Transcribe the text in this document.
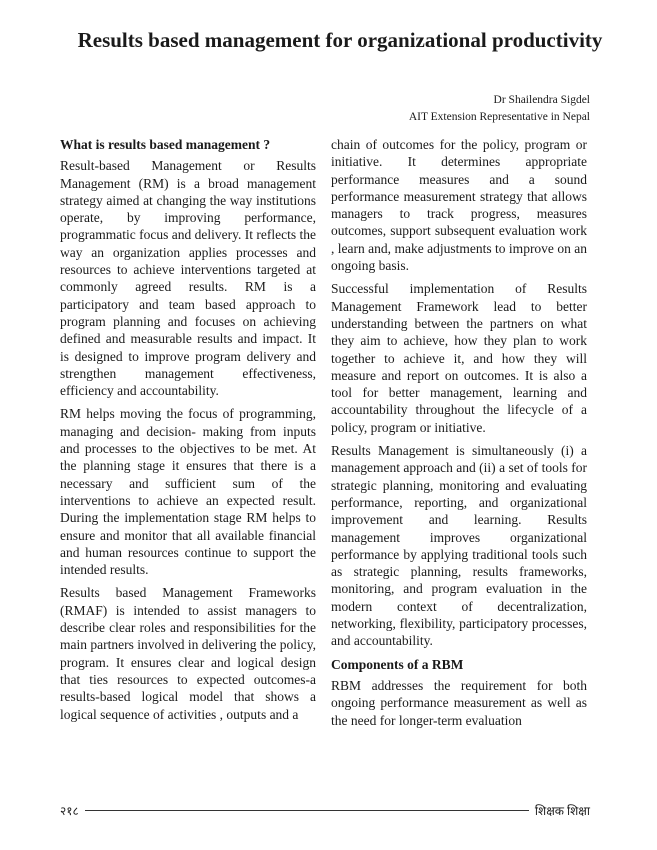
Results based management for organizational productivity
Dr Shailendra Sigdel
AIT Extension Representative in Nepal
What is results based management ?

Result-based Management or Results Management (RM) is a broad management strategy aimed at changing the way institutions operate, by improving performance, programmatic focus and delivery. It reflects the way an organization applies processes and resources to achieve interventions targeted at commonly agreed results. RM is a participatory and team based approach to program planning and focuses on achieving defined and measurable results and impact. It is designed to improve program delivery and strengthen management effectiveness, efficiency and accountability.

RM helps moving the focus of programming, managing and decision- making from inputs and processes to the objectives to be met. At the planning stage it ensures that there is a necessary and sufficient sum of the interventions to achieve an expected result. During the implementation stage RM helps to ensure and monitor that all available financial and human resources continue to support the intended results.

Results based Management Frameworks (RMAF) is intended to assist managers to describe clear roles and responsibilities for the main partners involved in delivering the policy, program. It ensures clear and logical design that ties resources to expected outcomes-a results-based logical model that shows a logical sequence of activities , outputs and a

chain of outcomes for the policy, program or initiative. It determines appropriate performance measures and a sound performance measurement strategy that allows managers to track progress, measures outcomes, support subsequent evaluation work , learn and, make adjustments to improve on an ongoing basis.

Successful implementation of Results Management Framework lead to better understanding between the partners on what they aim to achieve, how they plan to work together to achieve it, and how they will measure and report on outcomes. It is also a tool for better management, learning and accountability throughout the lifecycle of a policy, program or initiative.

Results Management is simultaneously (i) a management approach and (ii) a set of tools for strategic planning, monitoring and evaluating performance, reporting, and organizational improvement and learning. Results management improves organizational performance by applying traditional tools such as strategic planning, results frameworks, monitoring, and program evaluation in the modern context of decentralization, networking, flexibility, participatory processes, and accountability.

Components of a RBM

RBM addresses the requirement for both ongoing performance measurement as well as the need for longer-term evaluation

२१८	शिक्षक शिक्षा
